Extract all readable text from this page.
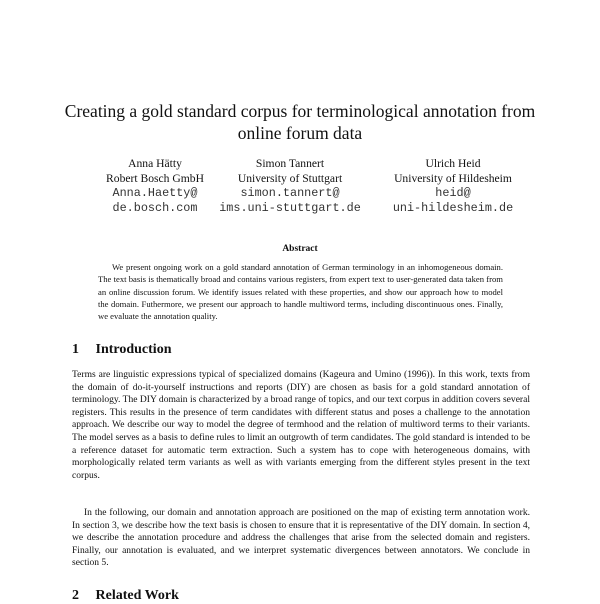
Creating a gold standard corpus for terminological annotation from online forum data
Anna Hätty
Robert Bosch GmbH
Anna.Haetty@
de.bosch.com
Simon Tannert
University of Stuttgart
simon.tannert@
ims.uni-stuttgart.de
Ulrich Heid
University of Hildesheim
heid@
uni-hildesheim.de
Abstract
We present ongoing work on a gold standard annotation of German terminology in an inhomogeneous domain. The text basis is thematically broad and contains various registers, from expert text to user-generated data taken from an online discussion forum. We identify issues related with these properties, and show our approach how to model the domain. Futhermore, we present our approach to handle multiword terms, including discontinuous ones. Finally, we evaluate the annotation quality.
1 Introduction
Terms are linguistic expressions typical of specialized domains (Kageura and Umino (1996)). In this work, texts from the domain of do-it-yourself instructions and reports (DIY) are chosen as basis for a gold standard annotation of terminology. The DIY domain is characterized by a broad range of topics, and our text corpus in addition covers several registers. This results in the presence of term candidates with different status and poses a challenge to the annotation approach. We describe our way to model the degree of termhood and the relation of multiword terms to their variants. The model serves as a basis to define rules to limit an outgrowth of term candidates. The gold standard is intended to be a reference dataset for automatic term extraction. Such a system has to cope with heterogeneous domains, with morphologically related term variants as well as with variants emerging from the different styles present in the text corpus.
In the following, our domain and annotation approach are positioned on the map of existing term annotation work. In section 3, we describe how the text basis is chosen to ensure that it is representative of the DIY domain. In section 4, we describe the annotation procedure and address the challenges that arise from the selected domain and registers. Finally, our annotation is evaluated, and we interpret systematic divergences between annotators. We conclude in section 5.
2 Related Work
